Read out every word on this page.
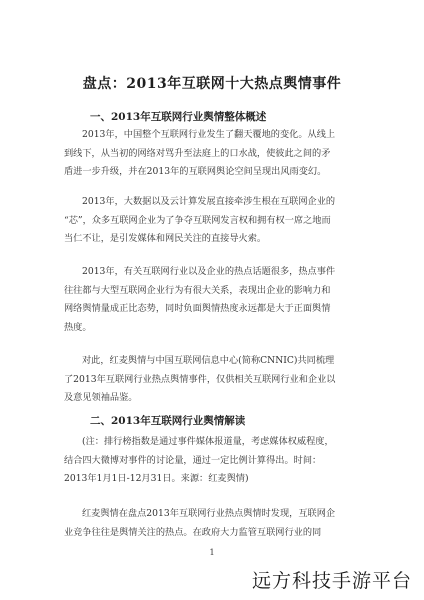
盘点：2013年互联网十大热点舆情事件
一、2013年互联网行业舆情整体概述
2013年，中国整个互联网行业发生了翻天覆地的变化。从线上
到线下，从当初的网络对骂升至法庭上的口水战，使彼此之间的矛
盾进一步升级，并在2013年的互联网舆论空间呈现出风雨变幻。
2013年，大数据以及云计算发展直接牵涉生根在互联网企业的
“芯”，众多互联网企业为了争夺互联网发言权和拥有权一席之地而
当仁不让，是引发媒体和网民关注的直接导火索。
2013年，有关互联网行业以及企业的热点话题很多，热点事件
往往都与大型互联网企业行为有很大关系，表现出企业的影响力和
网络舆情量成正比态势，同时负面舆情热度永远都是大于正面舆情
热度。
对此，红麦舆情与中国互联网信息中心(简称CNNIC)共同梳理
了2013年互联网行业热点舆情事件，仅供相关互联网行业和企业以
及意见领袖品鉴。
二、2013年互联网行业舆情解读
(注：排行榜指数是通过事件媒体报道量，考虑媒体权威程度，
结合四大微博对事件的讨论量，通过一定比例计算得出。时间：
2013年1月1日-12月31日。来源：红麦舆情)
红麦舆情在盘点2013年互联网行业热点舆情时发现，互联网企
业竞争往往是舆情关注的热点。在政府大力监管互联网行业的同
1
远方科技手游平台
